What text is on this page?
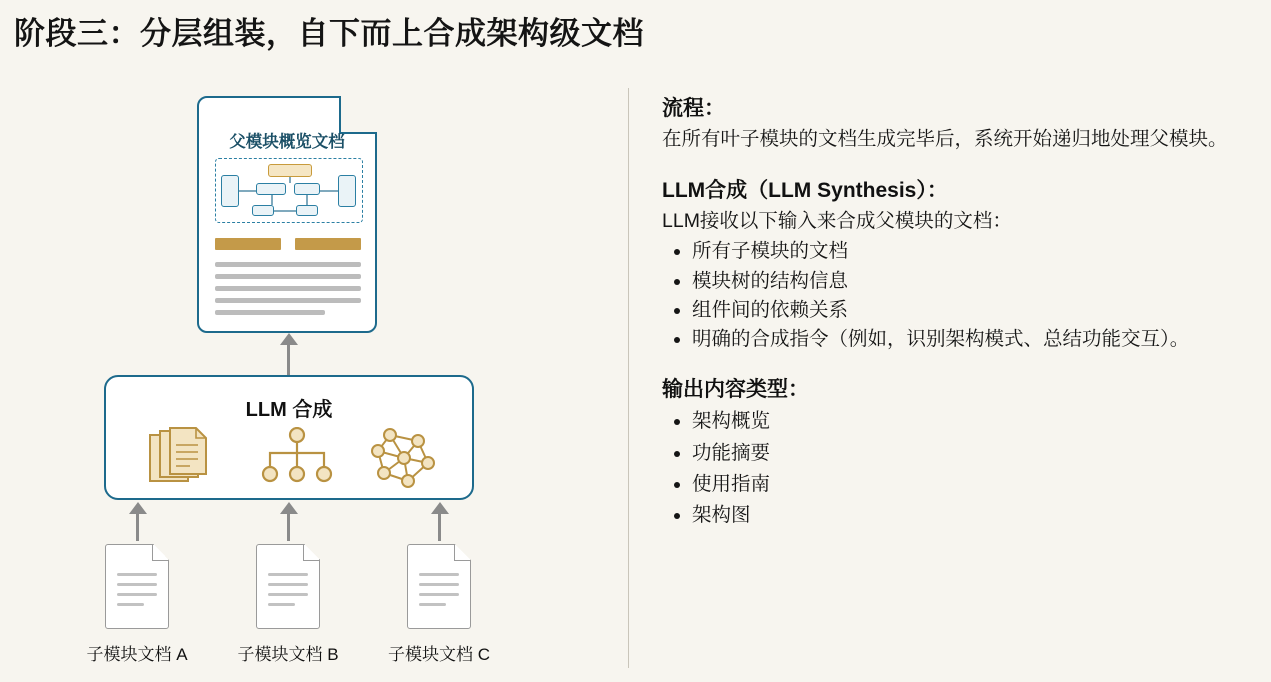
阶段三：分层组装，自下而上合成架构级文档
父模块概览文档
LLM 合成
子模块文档 A	子模块文档 B	子模块文档 C
流程：

在所有叶子模块的文档生成完毕后，系统开始递归地处理父模块。

LLM合成（LLM Synthesis）：

LLM接收以下输入来合成父模块的文档：

• 所有子模块的文档
• 模块树的结构信息
• 组件间的依赖关系
• 明确的合成指令（例如，识别架构模式、总结功能交互）。
输出内容类型：
• 架构概览
• 功能摘要
• 使用指南
• 架构图
